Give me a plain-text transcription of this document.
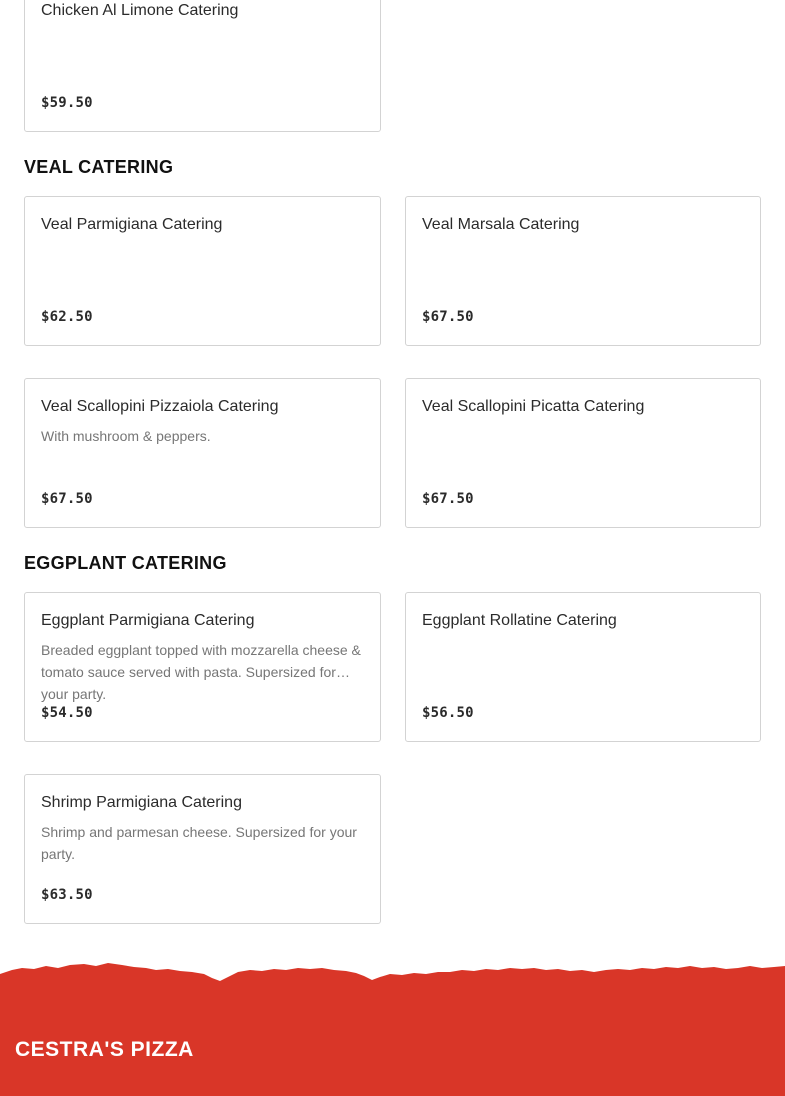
Chicken Al Limone Catering
$59.50
VEAL CATERING
Veal Parmigiana Catering
$62.50
Veal Marsala Catering
$67.50
Veal Scallopini Pizzaiola Catering
With mushroom & peppers.
$67.50
Veal Scallopini Picatta Catering
$67.50
EGGPLANT CATERING
Eggplant Parmigiana Catering
Breaded eggplant topped with mozzarella cheese & tomato sauce served with pasta. Supersized for your party.
$54.50
Eggplant Rollatine Catering
$56.50
Shrimp Parmigiana Catering
Shrimp and parmesan cheese. Supersized for your party.
$63.50
CESTRA'S PIZZA
